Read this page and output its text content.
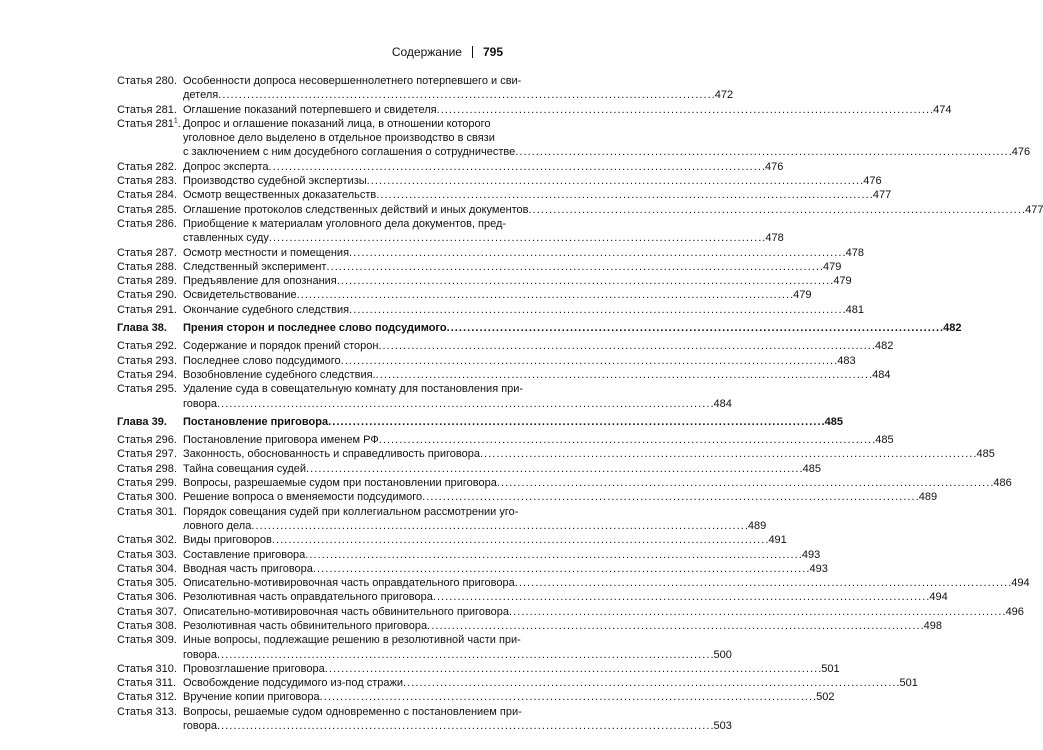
Содержание 795
Статья 280. Особенности допроса несовершеннолетнего потерпевшего и сви-
детеля . . .	472
Статья 281. Оглашение показаний потерпевшего и свидетеля . . .	474
Статья $281^1$. Допрос и оглашение показаний лица, в отношении которого
уголовное дело выделено в отдельное производство в связи
с заключением с ним досудебного соглашения о сотрудничестве . . .	476
Статья 282. Допрос эксперта . . .	476
Статья 283. Производство судебной экспертизы . . .	476
Статья 284. Осмотр вещественных доказательств . . .	477
Статья 285. Оглашение протоколов следственных действий и иных документов . . .	477
Статья 286. Приобщение к материалам уголовного дела документов, пред-
ставленных суду . . .	478
Статья 287. Осмотр местности и помещения . . .	478
Статья 288. Следственный эксперимент . . .	479
Статья 289. Предъявление для опознания . . .	479
Статья 290. Освидетельствование . . .	479
Статья 291. Окончание судебного следствия . . .	481
Глава 38.	Прения сторон и последнее слово подсудимого . . .	482
Статья 292. Содержание и порядок прений сторон . . .	482
Статья 293. Последнее слово подсудимого . . .	483
Статья 294. Возобновление судебного следствия. . . .	484
Статья 295. Удаление суда в совещательную комнату для постановления при-
говора . . .	484
Глава 39.	Постановление приговора . . .	485
Статья 296. Постановление приговора именем РФ . . .	485
Статья 297. Законность, обоснованность и справедливость приговора . . .	485
Статья 298. Тайна совещания судей . . .	485
Статья 299. Вопросы, разрешаемые судом при постановлении приговора . . .	486
Статья 300. Решение вопроса о вменяемости подсудимого . . .	489
Статья 301. Порядок совещания судей при коллегиальном рассмотрении уго-
ловного дела . . .	489
Статья 302. Виды приговоров . . .	491
Статья 303. Составление приговора . . .	493
Статья 304. Вводная часть приговора . . .	493
Статья 305. Описательно-мотивировочная часть оправдательного приговора . . .	494
Статья 306. Резолютивная часть оправдательного приговора . . .	494
Статья 307. Описательно-мотивировочная часть обвинительного приговора . . .	496
Статья 308. Резолютивная часть обвинительного приговора . . .	498
Статья 309. Иные вопросы, подлежащие решению в резолютивной части при-
говора . . .	500
Статья 310. Провозглашение приговора . . .	501
Статья 311. Освобождение подсудимого из-под стражи . . .	501
Статья 312. Вручение копии приговора . . .	502
Статья 313. Вопросы, решаемые судом одновременно с постановлением при-
говора . . .	503
